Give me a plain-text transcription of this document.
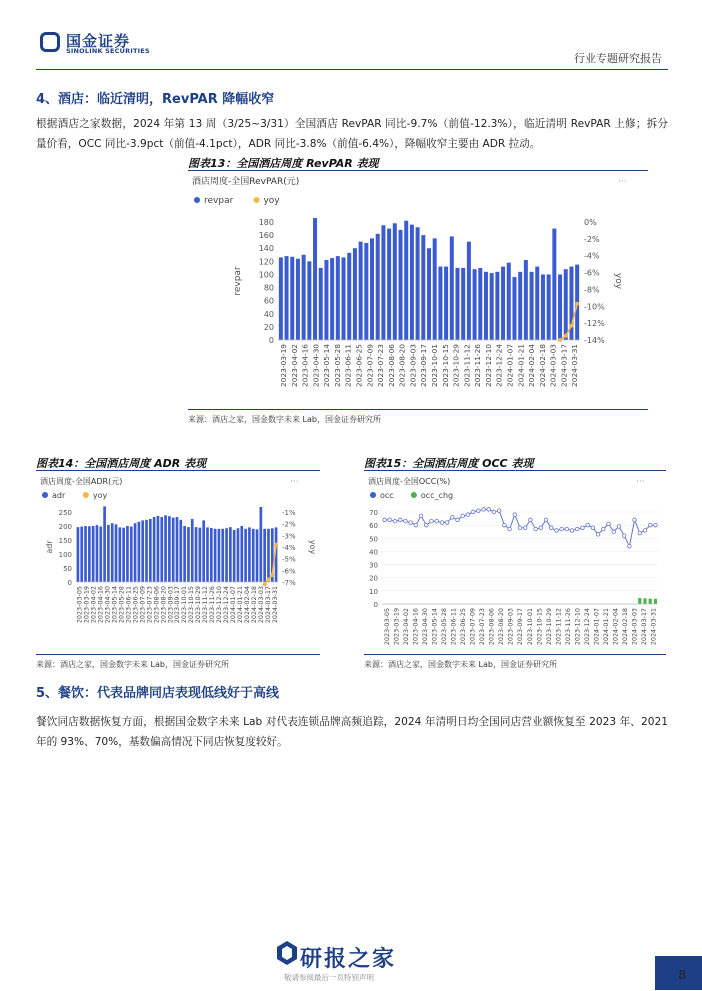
国金证券
SINOLINK SECURITIES
行业专题研究报告
4、酒店：临近清明，RevPAR 降幅收窄
根据酒店之家数据，2024 年第 13 周（3/25~3/31）全国酒店 RevPAR 同比-9.7%（前值-12.3%），临近清明 RevPAR 上修；拆分量价看，OCC 同比-3.9pct（前值-4.1pct），ADR 同比-3.8%（前值-6.4%），降幅收窄主要由 ADR 拉动。
图表13：全国酒店周度 RevPAR 表现
酒店周度-全国RevPAR(元)	···
revpar	yoy
0
20
40
60
80
100
120
140
160
180
revpar
0%
-2%
-4%
-6%
-8%
-10%
-12%
-14%
yoy
2023-03-19 2023-04-02 2023-04-16 2023-04-30 2023-05-14 2023-05-28 2023-06-11 2023-06-25 2023-07-09 2023-07-23 2023-08-06 2023-08-20 2023-09-03 2023-09-17 2023-10-01 2023-10-15 2023-10-29 2023-11-12 2023-11-26 2023-12-10 2023-12-24 2024-01-07 2024-01-21 2024-02-04 2024-02-18 2024-03-03 2024-03-17 2024-03-31
来源：酒店之家，国金数字未来 Lab，国金证券研究所
图表14：全国酒店周度 ADR 表现
酒店周度-全国ADR(元)	···
adr	yoy
0
50
100
150
200
250
adr
-1%
-2%
-3%
-4%
-5%
-6%
-7%
yoy
2023-03-05
2023-03-19
2023-04-02
2023-04-16
2023-04-30
2023-05-14
2023-05-28
2023-06-11
2023-06-25
2023-07-09
2023-07-23
2023-08-06
2023-08-20
2023-09-03
2023-09-17
2023-10-01
2023-10-15
2023-10-29
2023-11-12
2023-11-26
2023-12-10
2023-12-24
2024-01-07
2024-01-21
2024-02-04
2024-02-18
2024-03-03
2024-03-17
2024-03-31
来源：酒店之家，国金数字未来 Lab，国金证券研究所
图表15：全国酒店周度 OCC 表现
酒店周度-全国OCC(%)	···
occ	occ_chg
0
10
20
30
40
50
60
70
2023-03-05 2023-03-19 2023-04-02 2023-04-16 2023-04-30 2023-05-14 2023-05-28 2023-06-11 2023-06-25 2023-07-09 2023-07-23 2023-08-06 2023-08-20 2023-09-03 2023-09-17 2023-10-01 2023-10-15 2023-10-29 2023-11-12 2023-11-26 2023-12-10 2023-12-24 2024-01-07 2024-01-21 2024-02-04 2024-02-18 2024-03-03 2024-03-17 2024-03-31
来源：酒店之家，国金数字未来 Lab，国金证券研究所
5、餐饮：代表品牌同店表现低线好于高线
餐饮同店数据恢复方面，根据国金数字未来 Lab 对代表连锁品牌高频追踪，2024 年清明日均全国同店营业额恢复至 2023 年、2021 年的 93%、70%，基数偏高情况下同店恢复度较好。
研报之家
敬请参阅最后一页特别声明	8
